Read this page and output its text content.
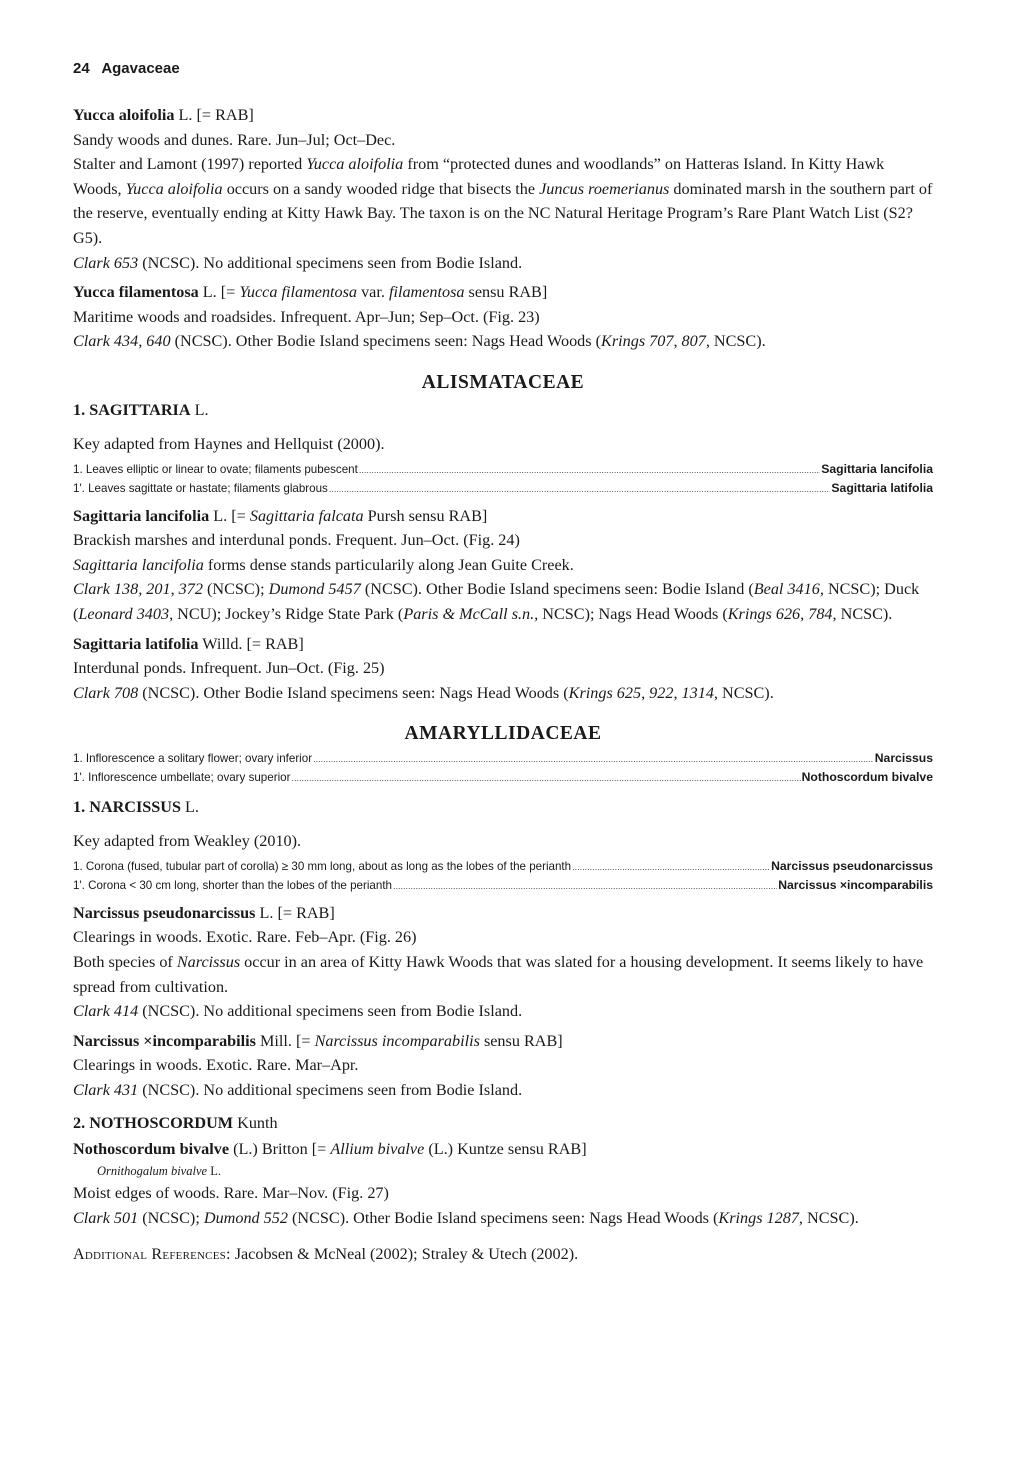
24 Agavaceae

Yucca aloifolia L. [= RAB]

Sandy woods and dunes. Rare. Jun–Jul; Oct–Dec.

Stalter and Lamont (1997) reported Yucca aloifolia from “protected dunes and woodlands” on Hatteras Island. In Kitty Hawk Woods, Yucca aloifolia occurs on a sandy wooded ridge that bisects the Juncus roemerianus dominated marsh in the southern part of the reserve, eventually ending at Kitty Hawk Bay. The taxon is on the NC Natural Heritage Program’s Rare Plant Watch List (S2? G5).

Clark 653 (NCSC). No additional specimens seen from Bodie Island.

Yucca filamentosa L. [= Yucca filamentosa var. filamentosa sensu RAB]

Maritime woods and roadsides. Infrequent. Apr–Jun; Sep–Oct. (Fig. 23)

Clark 434, 640 (NCSC). Other Bodie Island specimens seen: Nags Head Woods (Krings 707, 807, NCSC).

ALISMATACEAE

1. SAGITTARIA L.

Key adapted from Haynes and Hellquist (2000).

1. Leaves elliptic or linear to ovate; filaments pubescent .....	Sagittaria lancifolia
1'. Leaves sagittate or hastate; filaments glabrous .....	Sagittaria latifolia

Sagittaria lancifolia L. [= Sagittaria falcata Pursh sensu RAB]

Brackish marshes and interdunal ponds. Frequent. Jun–Oct. (Fig. 24)

Sagittaria lancifolia forms dense stands particularily along Jean Guite Creek.

Clark 138, 201, 372 (NCSC); Dumond 5457 (NCSC). Other Bodie Island specimens seen: Bodie Island (Beal 3416, NCSC); Duck (Leonard 3403, NCU); Jockey’s Ridge State Park (Paris & McCall s.n., NCSC); Nags Head Woods (Krings 626, 784, NCSC).

Sagittaria latifolia Willd. [= RAB]

Interdunal ponds. Infrequent. Jun–Oct. (Fig. 25)

Clark 708 (NCSC). Other Bodie Island specimens seen: Nags Head Woods (Krings 625, 922, 1314, NCSC).

AMARYLLIDACEAE
1. Inflorescence a solitary flower; ovary inferior .....	Narcissus
1'. Inflorescence umbellate; ovary superior .....	Nothoscordum bivalve

1. NARCISSUS L.

Key adapted from Weakley (2010).

1. Corona (fused, tubular part of corolla) ≥ 30 mm long, about as long as the lobes of the perianth .....	Narcissus pseudonarcissus
1'. Corona < 30 cm long, shorter than the lobes of the perianth .....	Narcissus ×incomparabilis

Narcissus pseudonarcissus L. [= RAB]

Clearings in woods. Exotic. Rare. Feb–Apr. (Fig. 26)

Both species of Narcissus occur in an area of Kitty Hawk Woods that was slated for a housing development. It seems likely to have spread from cultivation.

Clark 414 (NCSC). No additional specimens seen from Bodie Island.

Narcissus ×incomparabilis Mill. [= Narcissus incomparabilis sensu RAB]

Clearings in woods. Exotic. Rare. Mar–Apr.

Clark 431 (NCSC). No additional specimens seen from Bodie Island.

2. NOTHOSCORDUM Kunth

Nothoscordum bivalve (L.) Britton [= Allium bivalve (L.) Kuntze sensu RAB]

Ornithogalum bivalve L.

Moist edges of woods. Rare. Mar–Nov. (Fig. 27)

Clark 501 (NCSC); Dumond 552 (NCSC). Other Bodie Island specimens seen: Nags Head Woods (Krings 1287, NCSC).

Additional References: Jacobsen & McNeal (2002); Straley & Utech (2002).
